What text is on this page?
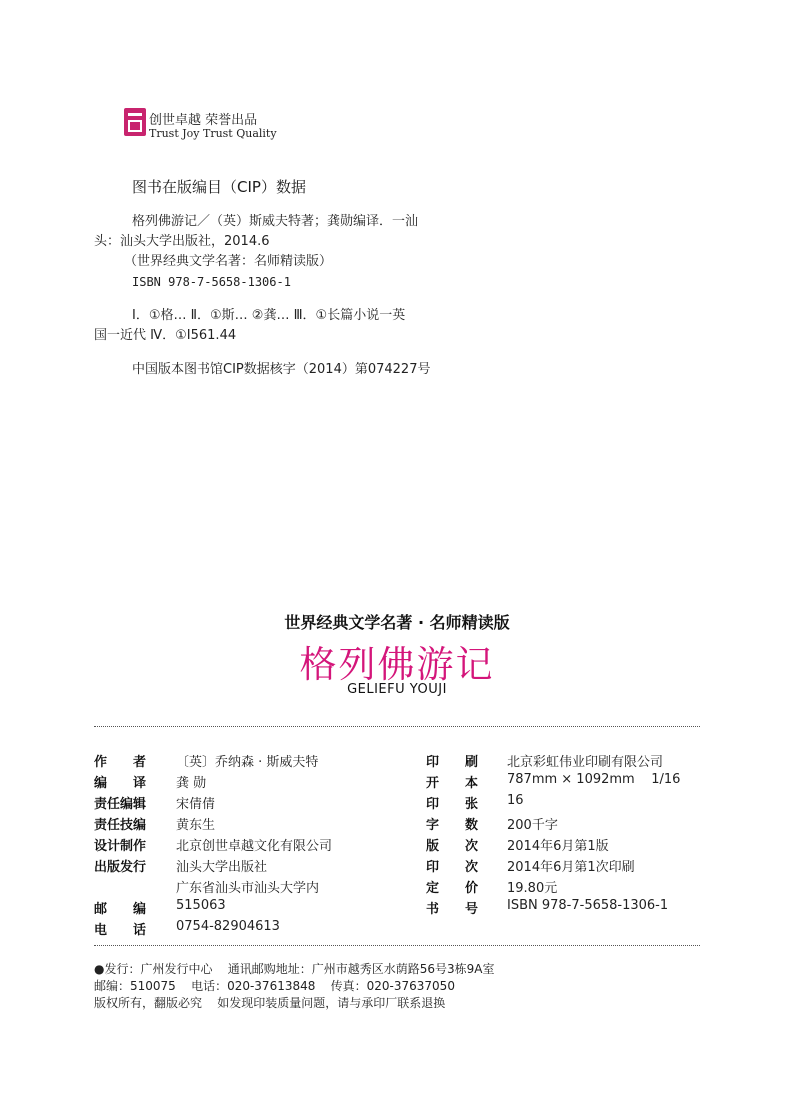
创世卓越 荣誉出品
Trust Joy Trust Quality
图书在版编目（CIP）数据
格列佛游记／（英）斯威夫特著；龚勋编译．一汕
头：汕头大学出版社，2014.6
（世界经典文学名著：名师精读版）
ISBN 978-7-5658-1306-1
Ⅰ．①格… Ⅱ．①斯… ②龚… Ⅲ．①长篇小说一英
国一近代 Ⅳ．①I561.44
中国版本图书馆CIP数据核字（2014）第074227号
世界经典文学名著 · 名师精读版
格列佛游记
GELIEFU YOUJI
作　　者 〔英〕乔纳森 · 斯威夫特
编　　译 龚 勋
责任编辑 宋倩倩
责任技编 黄东生
设计制作 北京创世卓越文化有限公司
出版发行 汕头大学出版社
广东省汕头市汕头大学内
邮　　编 515063
电　　话 0754-82904613
印　　刷 北京彩虹伟业印刷有限公司
开　　本 787mm × 1092mm    1/16
印　　张 16
字　　数 200千字
版　　次 2014年6月第1版
印　　次 2014年6月第1次印刷
定　　价 19.80元
书　　号 ISBN 978-7-5658-1306-1
●发行：广州发行中心    通讯邮购地址：广州市越秀区水荫路56号3栋9A室
邮编：510075    电话：020-37613848    传真：020-37637050
版权所有，翻版必究    如发现印装质量问题，请与承印厂联系退换
